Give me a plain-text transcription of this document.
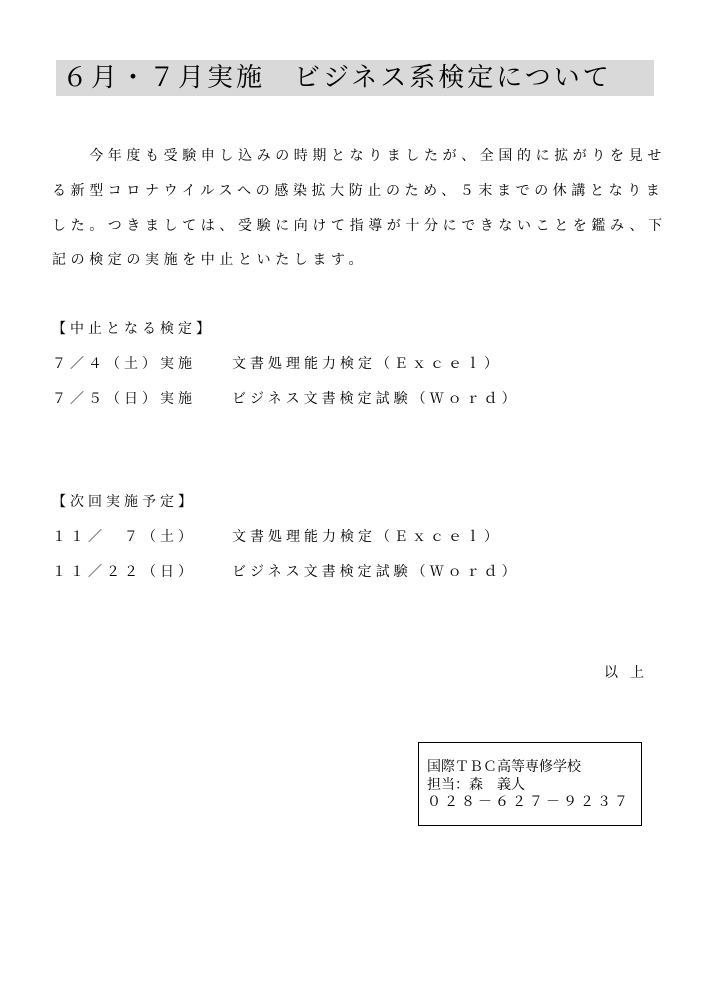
６月・７月実施　ビジネス系検定について
　　今年度も受験申し込みの時期となりましたが、全国的に拡がりを見せ
る新型コロナウイルスへの感染拡大防止のため、５末までの休講となりま
した。つきましては、受験に向けて指導が十分にできないことを鑑み、下
記の検定の実施を中止といたします。
【中止となる検定】
７／４（土）実施	文書処理能力検定（Ｅｘｃｅｌ）
７／５（日）実施	ビジネス文書検定試験（Ｗｏｒｄ）
【次回実施予定】
１１／　７（土）	文書処理能力検定（Ｅｘｃｅｌ）
１１／２２（日）	ビジネス文書検定試験（Ｗｏｒｄ）
以上
国際ＴＢＣ高等専修学校
担当：森　義人
０２８－６２７－９２３７
